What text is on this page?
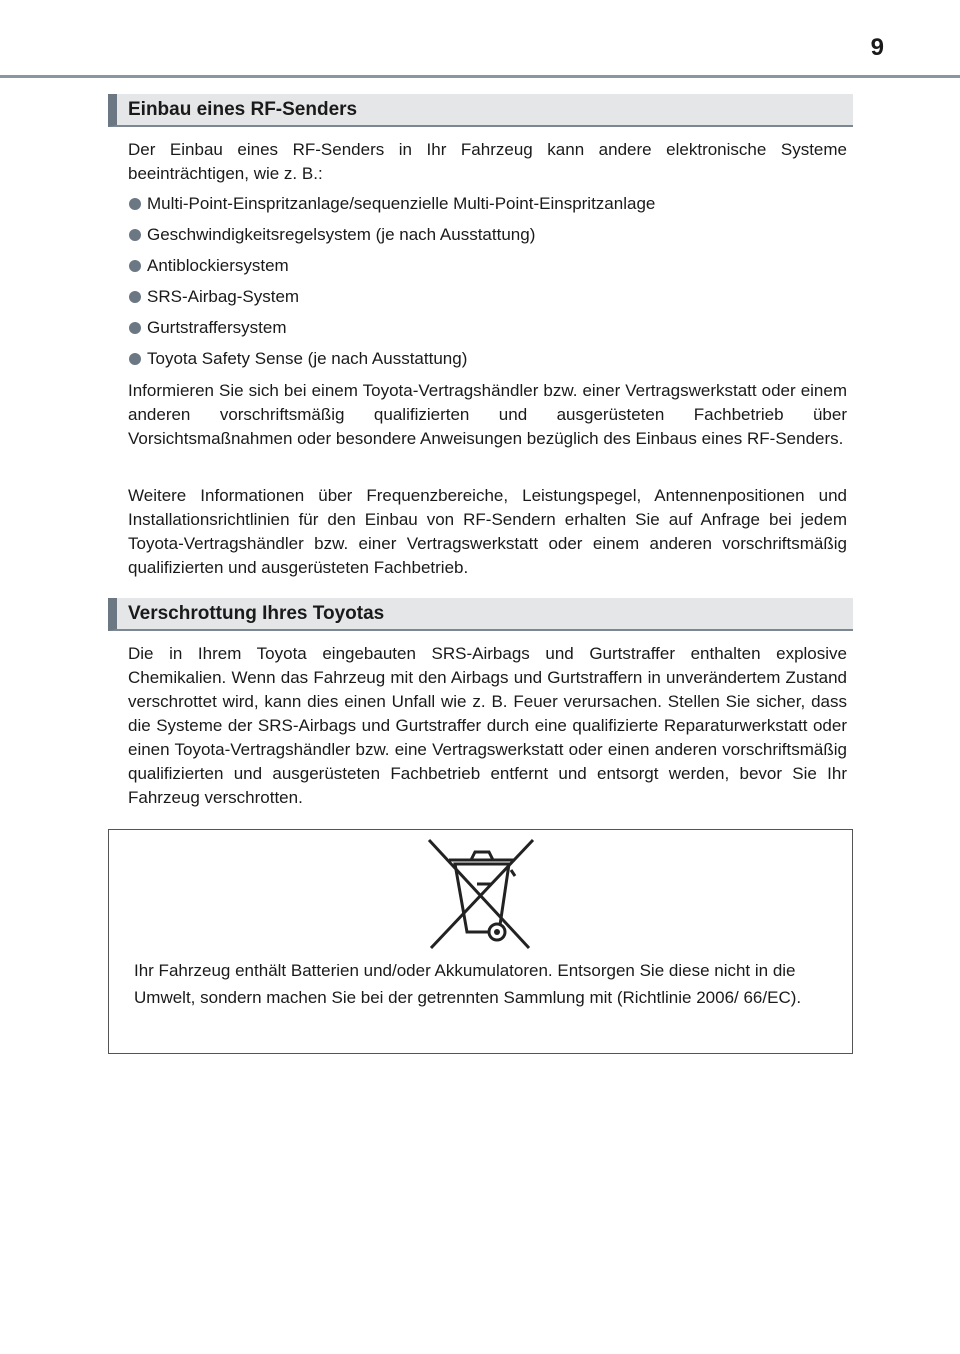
9
Einbau eines RF-Senders

Der Einbau eines RF-Senders in Ihr Fahrzeug kann andere elektronische Systeme beeinträchtigen, wie z. B.:

Multi-Point-Einspritzanlage/sequenzielle Multi-Point-Einspritzanlage
Geschwindigkeitsregelsystem (je nach Ausstattung)
Antiblockiersystem
SRS-Airbag-System
Gurtstraffersystem
Toyota Safety Sense (je nach Ausstattung)

Informieren Sie sich bei einem Toyota-Vertragshändler bzw. einer Vertragswerkstatt oder einem anderen vorschriftsmäßig qualifizierten und ausgerüsteten Fachbetrieb über Vorsichtsmaßnahmen oder besondere Anweisungen bezüglich des Einbaus eines RF-Senders.

Weitere Informationen über Frequenzbereiche, Leistungspegel, Antennenpositionen und Installationsrichtlinien für den Einbau von RF-Sendern erhalten Sie auf Anfrage bei jedem Toyota-Vertragshändler bzw. einer Vertragswerkstatt oder einem anderen vorschriftsmäßig qualifizierten und ausgerüsteten Fachbetrieb.

Verschrottung Ihres Toyotas

Die in Ihrem Toyota eingebauten SRS-Airbags und Gurtstraffer enthalten explosive Chemikalien. Wenn das Fahrzeug mit den Airbags und Gurtstraffern in unverändertem Zustand verschrottet wird, kann dies einen Unfall wie z. B. Feuer verursachen. Stellen Sie sicher, dass die Systeme der SRS-Airbags und Gurtstraffer durch eine qualifizierte Reparaturwerkstatt oder einen Toyota-Vertragshändler bzw. eine Vertragswerkstatt oder einen anderen vorschriftsmäßig qualifizierten und ausgerüsteten Fachbetrieb entfernt und entsorgt werden, bevor Sie Ihr Fahrzeug verschrotten.

Ihr Fahrzeug enthält Batterien und/oder Akkumulatoren. Entsorgen Sie diese nicht in die Umwelt, sondern machen Sie bei der getrennten Sammlung mit (Richtlinie 2006/ 66/EC).
